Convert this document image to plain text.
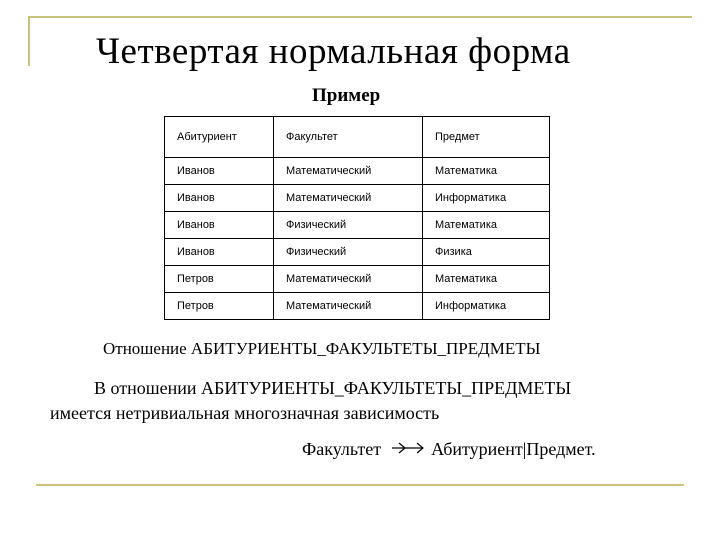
Четвертая нормальная форма
Пример
Абитуриент	Факультет	Предмет
Иванов	Математический	Математика
Иванов	Математический	Информатика
Иванов	Физический	Математика
Иванов	Физический	Физика
Петров	Математический	Математика
Петров	Математический	Информатика
Отношение АБИТУРИЕНТЫ_ФАКУЛЬТЕТЫ_ПРЕДМЕТЫ
В отношении АБИТУРИЕНТЫ_ФАКУЛЬТЕТЫ_ПРЕДМЕТЫ
имеется нетривиальная многозначная зависимость
Факультет	Абитуриент|Предмет.
